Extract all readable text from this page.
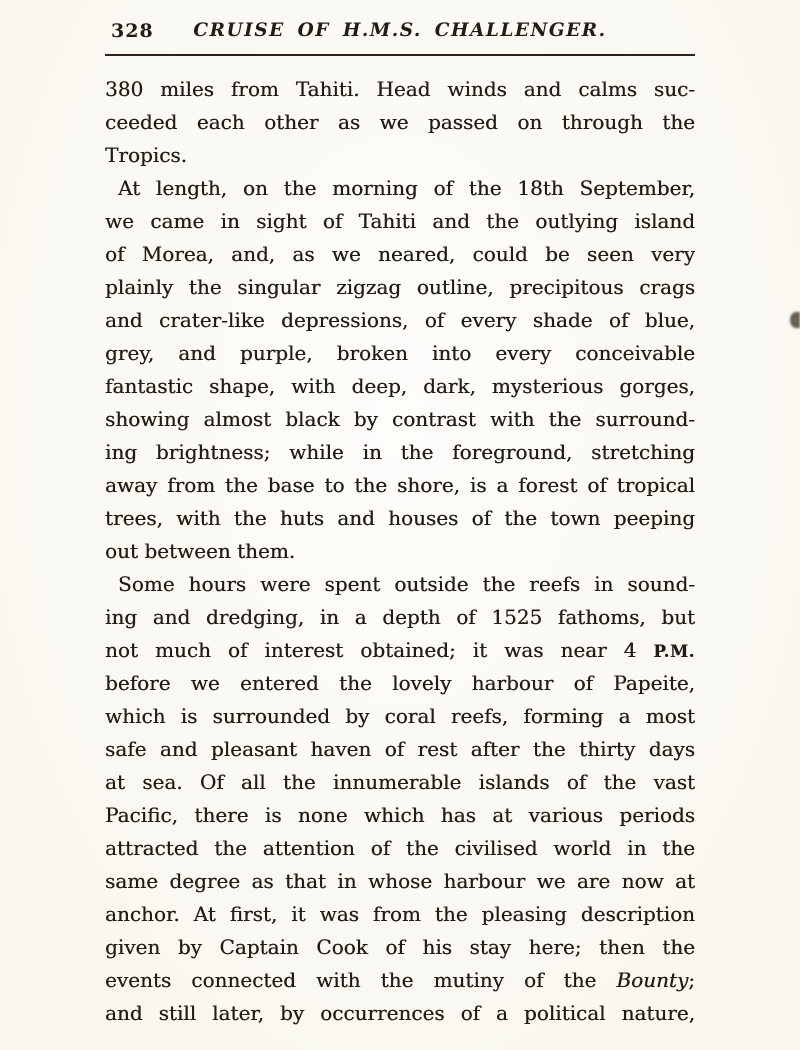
328	CRUISE OF H.M.S. CHALLENGER.
380 miles from Tahiti. Head winds and calms suc-
ceeded each other as we passed on through the
Tropics.
At length, on the morning of the 18th September,
we came in sight of Tahiti and the outlying island
of Morea, and, as we neared, could be seen very
plainly the singular zigzag outline, precipitous crags
and crater-like depressions, of every shade of blue,
grey, and purple, broken into every conceivable
fantastic shape, with deep, dark, mysterious gorges,
showing almost black by contrast with the surround-
ing brightness; while in the foreground, stretching
away from the base to the shore, is a forest of tropical
trees, with the huts and houses of the town peeping
out between them.
Some hours were spent outside the reefs in sound-
ing and dredging, in a depth of 1525 fathoms, but
not much of interest obtained; it was near 4 P.M.
before we entered the lovely harbour of Papeite,
which is surrounded by coral reefs, forming a most
safe and pleasant haven of rest after the thirty days
at sea. Of all the innumerable islands of the vast
Pacific, there is none which has at various periods
attracted the attention of the civilised world in the
same degree as that in whose harbour we are now at
anchor. At first, it was from the pleasing description
given by Captain Cook of his stay here; then the
events connected with the mutiny of the Bounty;
and still later, by occurrences of a political nature,
